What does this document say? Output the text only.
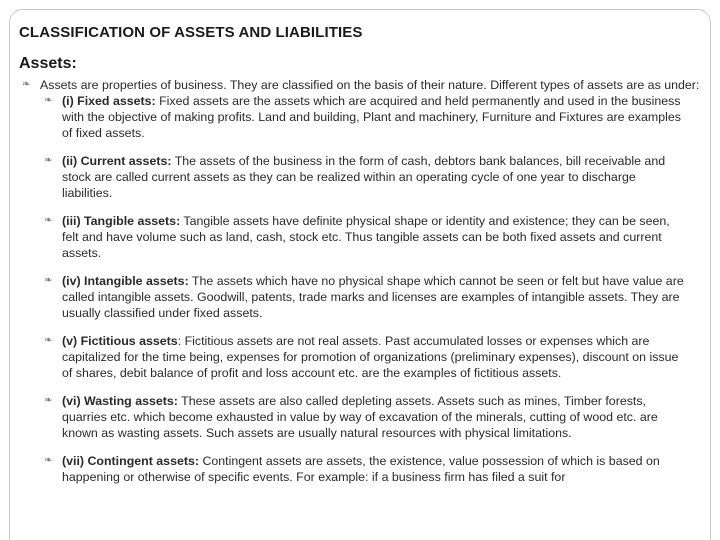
CLASSIFICATION OF ASSETS AND LIABILITIES
Assets:
❧ Assets are properties of business. They are classified on the basis of their nature. Different types of assets are as under:
❧ (i) Fixed assets: Fixed assets are the assets which are acquired and held permanently and used in the business with the objective of making profits. Land and building, Plant and machinery, Furniture and Fixtures are examples of fixed assets.
❧ (ii) Current assets: The assets of the business in the form of cash, debtors bank balances, bill receivable and stock are called current assets as they can be realized within an operating cycle of one year to discharge liabilities.
❧ (iii) Tangible assets: Tangible assets have definite physical shape or identity and existence; they can be seen, felt and have volume such as land, cash, stock etc. Thus tangible assets can be both fixed assets and current assets.
❧ (iv) Intangible assets: The assets which have no physical shape which cannot be seen or felt but have value are called intangible assets. Goodwill, patents, trade marks and licenses are examples of intangible assets. They are usually classified under fixed assets.
❧ (v) Fictitious assets: Fictitious assets are not real assets. Past accumulated losses or expenses which are capitalized for the time being, expenses for promotion of organizations (preliminary expenses), discount on issue of shares, debit balance of profit and loss account etc. are the examples of fictitious assets.
❧ (vi) Wasting assets: These assets are also called depleting assets. Assets such as mines, Timber forests, quarries etc. which become exhausted in value by way of excavation of the minerals, cutting of wood etc. are known as wasting assets. Such assets are usually natural resources with physical limitations.
❧ (vii) Contingent assets: Contingent assets are assets, the existence, value possession of which is based on happening or otherwise of specific events. For example: if a business firm has filed a suit for
